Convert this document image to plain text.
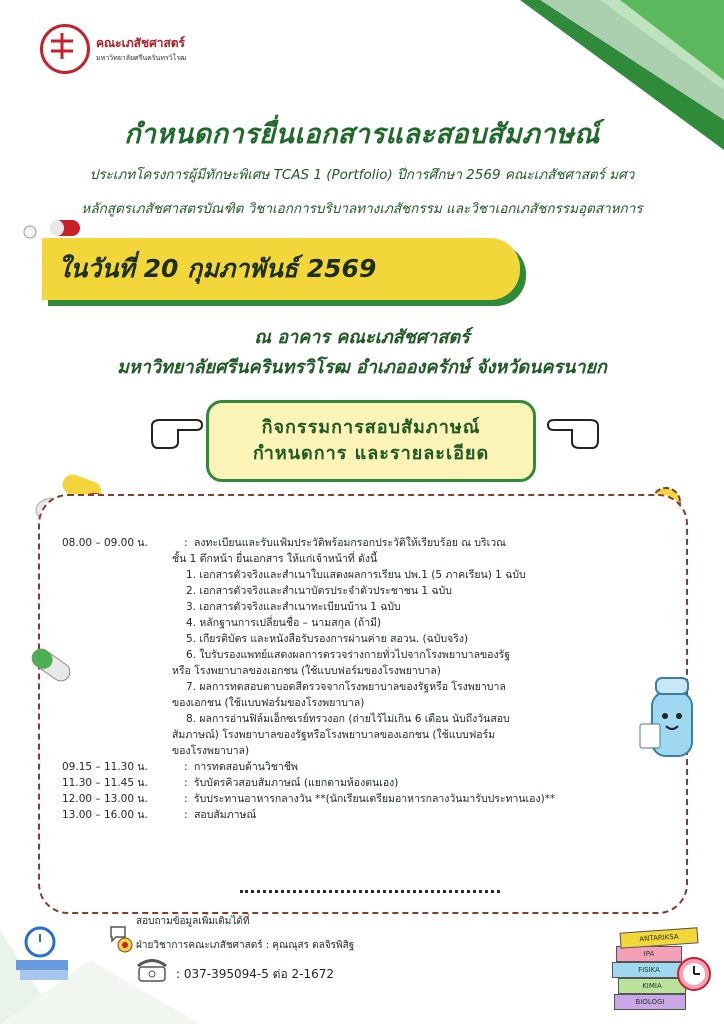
คณะเภสัชศาสตร์
มหาวิทยาลัยศรีนครินทรวิโรฒ
กำหนดการยื่นเอกสารและสอบสัมภาษณ์
ประเภทโครงการผู้มีทักษะพิเศษ TCAS 1 (Portfolio) ปีการศึกษา 2569 คณะเภสัชศาสตร์ มศว
หลักสูตรเภสัชศาสตรบัณฑิต วิชาเอกการบริบาลทางเภสัชกรรม และวิชาเอกเภสัชกรรมอุตสาหการ
ในวันที่ 20 กุมภาพันธ์ 2569
ณ อาคาร คณะเภสัชศาสตร์
มหาวิทยาลัยศรีนครินทรวิโรฒ อำเภอองครักษ์ จังหวัดนครนายก
กิจกรรมการสอบสัมภาษณ์
กำหนดการ และรายละเอียด
08.00 – 09.00 น.	: ลงทะเบียนและรับแฟ้มประวัติพร้อมกรอกประวัติให้เรียบร้อย ณ บริเวณ
ชั้น 1 ตึกหน้า ยื่นเอกสาร ให้แก่เจ้าหน้าที่ ดังนี้
1. เอกสารตัวจริงและสำเนาใบแสดงผลการเรียน ปพ.1 (5 ภาคเรียน) 1 ฉบับ
2. เอกสารตัวจริงและสำเนาบัตรประจำตัวประชาชน 1 ฉบับ
3. เอกสารตัวจริงและสำเนาทะเบียนบ้าน 1 ฉบับ
4. หลักฐานการเปลี่ยนชื่อ – นามสกุล (ถ้ามี)
5. เกียรติบัตร และหนังสือรับรองการผ่านค่าย สอวน. (ฉบับจริง)
6. ใบรับรองแพทย์แสดงผลการตรวจร่างกายทั่วไปจากโรงพยาบาลของรัฐ
หรือ โรงพยาบาลของเอกชน (ใช้แบบฟอร์มของโรงพยาบาล)
7. ผลการทดสอบตาบอดสีตรวจจากโรงพยาบาลของรัฐหรือ โรงพยาบาล
ของเอกชน (ใช้แบบฟอร์มของโรงพยาบาล)
8. ผลการอ่านฟิล์มเอ็กซเรย์ทรวงอก (ถ่ายไว้ไม่เกิน 6 เดือน นับถึงวันสอบ
สัมภาษณ์) โรงพยาบาลของรัฐหรือโรงพยาบาลของเอกชน (ใช้แบบฟอร์ม
ของโรงพยาบาล)
09.15 – 11.30 น.	: การทดสอบด้านวิชาชีพ
11.30 – 11.45 น.	: รับบัตรคิวสอบสัมภาษณ์ (แยกตามห้องตนเอง)
12.00 – 13.00 น.	: รับประทานอาหารกลางวัน **(นักเรียนเตรียมอาหารกลางวันมารับประทานเอง)**
13.00 – 16.00 น.	: สอบสัมภาษณ์
สอบถามข้อมูลเพิ่มเติมได้ที่
ฝ่ายวิชาการคณะเภสัชศาสตร์ : คุณณุสร ตลจิรพิสิฐ
: 037-395094-5 ต่อ 2-1672
ANTARIKSA
IPA
FISIKA
KIMIA
BIOLOGI
